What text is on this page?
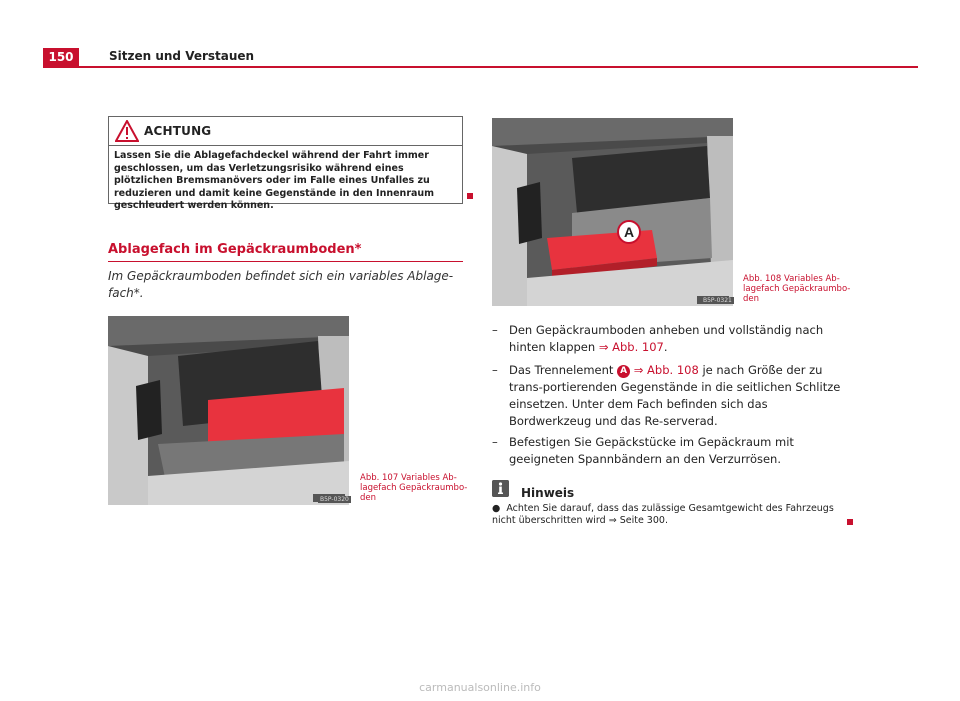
150	Sitzen und Verstauen
ACHTUNG
Lassen Sie die Ablagefachdeckel während der Fahrt immer geschlossen, um das Verletzungsrisiko während eines plötzlichen Bremsmanövers oder im Falle eines Unfalles zu reduzieren und damit keine Gegenstände in den Innenraum geschleudert werden können.
Ablagefach im Gepäckraumboden*
Im Gepäckraumboden befindet sich ein variables Ablage-fach*.
Abb. 107 Variables Ab-lagefach Gepäckraumbo-den
B5P-0320
A
Abb. 108 Variables Ab-lagefach Gepäckraumbo-den
B5P-0321
– Den Gepäckraumboden anheben und vollständig nach hinten klappen ⇒ Abb. 107.
– Das Trennelement A ⇒ Abb. 108 je nach Größe der zu trans-portierenden Gegenstände in die seitlichen Schlitze einsetzen. Unter dem Fach befinden sich das Bordwerkzeug und das Re-serverad.
– Befestigen Sie Gepäckstücke im Gepäckraum mit geeigneten Spannbändern an den Verzurrösen.
Hinweis
● Achten Sie darauf, dass das zulässige Gesamtgewicht des Fahrzeugs nicht überschritten wird ⇒ Seite 300.
carmanualsonline.info
